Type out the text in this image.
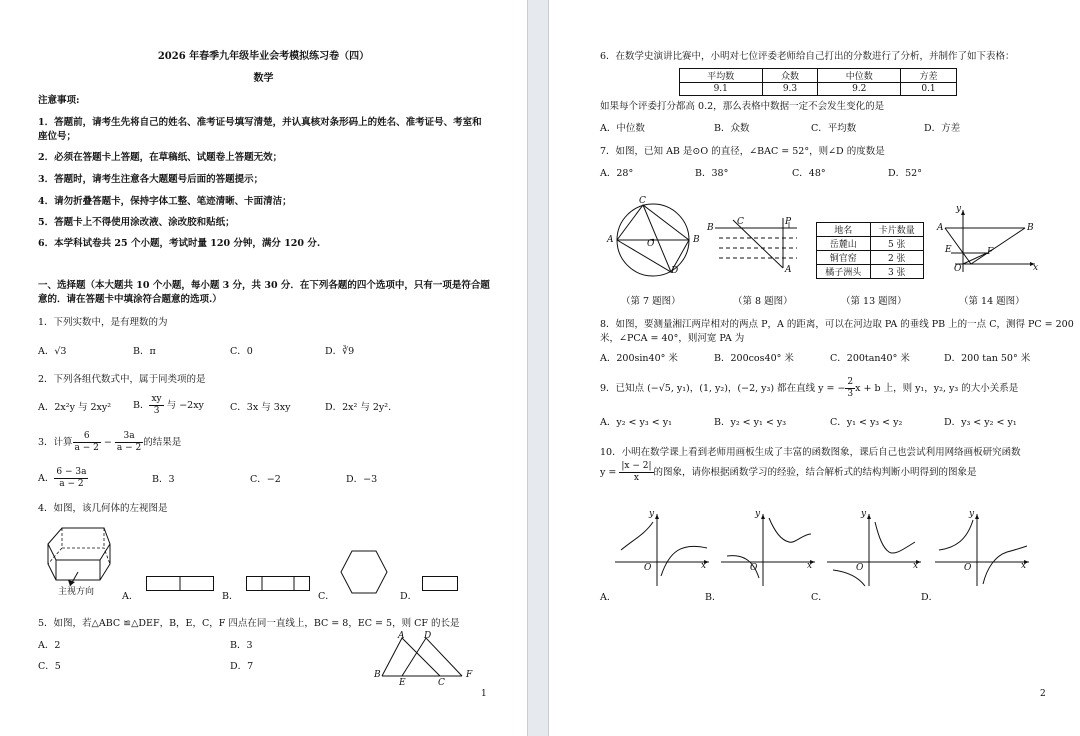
2026 年春季九年级毕业会考模拟练习卷（四）
数学
注意事项:
1．答题前，请考生先将自己的姓名、准考证号填写清楚，并认真核对条形码上的姓名、准考证号、考室和
座位号；
2．必须在答题卡上答题，在草稿纸、试题卷上答题无效；
3．答题时，请考生注意各大题题号后面的答题提示；
4．请勿折叠答题卡，保持字体工整、笔迹清晰、卡面清洁；
5．答题卡上不得使用涂改液、涂改胶和贴纸；
6．本学科试卷共 25 个小题，考试时量 120 分钟，满分 120 分.
一、选择题（本大题共 10 个小题，每小题 3 分，共 30 分．在下列各题的四个选项中，只有一项是符合题
意的．请在答题卡中填涂符合题意的选项.）
1．下列实数中，是有理数的为
A．√3	B．π	C．0	D．∛9
2．下列各组代数式中，属于同类项的是
A．2x²y 与 2xy² B． $\frac{xy}{3}$ 与 −2xy	C．3x 与 3xy	D．2x² 与 2y²．
3．计算 $\frac{6}{a - 2} - \frac{3a}{a - 2}$ 的结果是
A． $\frac{6 - 3a}{a - 2}$	B．3	C．−2	D．−3
4．如图，该几何体的左视图是
主视方向	A．	B．	C．	D．
5．如图，若△ABC ≌△DEF，B，E，C，F 四点在同一直线上，BC = 8，EC = 5，则 CF 的长是
A．2	B．3
C．5	D．7
A D
B
E	C
F
1
6．在数学史演讲比赛中，小明对七位评委老师给自己打出的分数进行了分析，并制作了如下表格：
平均数	众数	中位数	方差
9.1	9.3	9.2	0.1
如果每个评委打分都高 0.2，那么表格中数据一定不会发生变化的是
A．中位数	B．众数	C．平均数	D．方差
7．如图，已知 AB 是⊙O 的直径，∠BAC = 52°，则∠D 的度数是
A．28°	B．38°	C．48°	D．52°
C
A	O	B
D
（第 7 题图）
B
C	P
A
（第 8 题图）
地名	卡片数量
岳麓山	5 张
铜官窑	2 张
橘子洲头	3 张
（第 13 题图）
y
A	B
E	F
O	x
（第 14 题图）
8．如图，要测量湘江两岸相对的两点 P，A 的距离，可以在河边取 PA 的垂线 PB 上的一点 C，测得 PC = 200
米，∠PCA = 40°，则河宽 PA 为
A．200sin40° 米	B．200cos40° 米	C．200tan40° 米	D．200 tan 50° 米
9．已知点 (−√5, y₁)，(1, y₂)，(−2, y₃) 都在直线 y = − $\frac{2}{3}$ x + b 上，则 y₁，y₂, y₃ 的大小关系是
A．y₂ < y₃ < y₁	B．y₂ < y₁ < y₃	C．y₁ < y₃ < y₂	D．y₃ < y₂ < y₁
10．小明在数学课上看到老师用画板生成了丰富的函数图象，课后自己也尝试利用网络画板研究函数
$y = \frac{|x - 2|}{x}$ 的图象，请你根据函数学习的经验，结合解析式的结构判断小明得到的图象是
y
O	x
y
O	x
y
O	x
y
O	x
A．	B．	C．	D．
2
